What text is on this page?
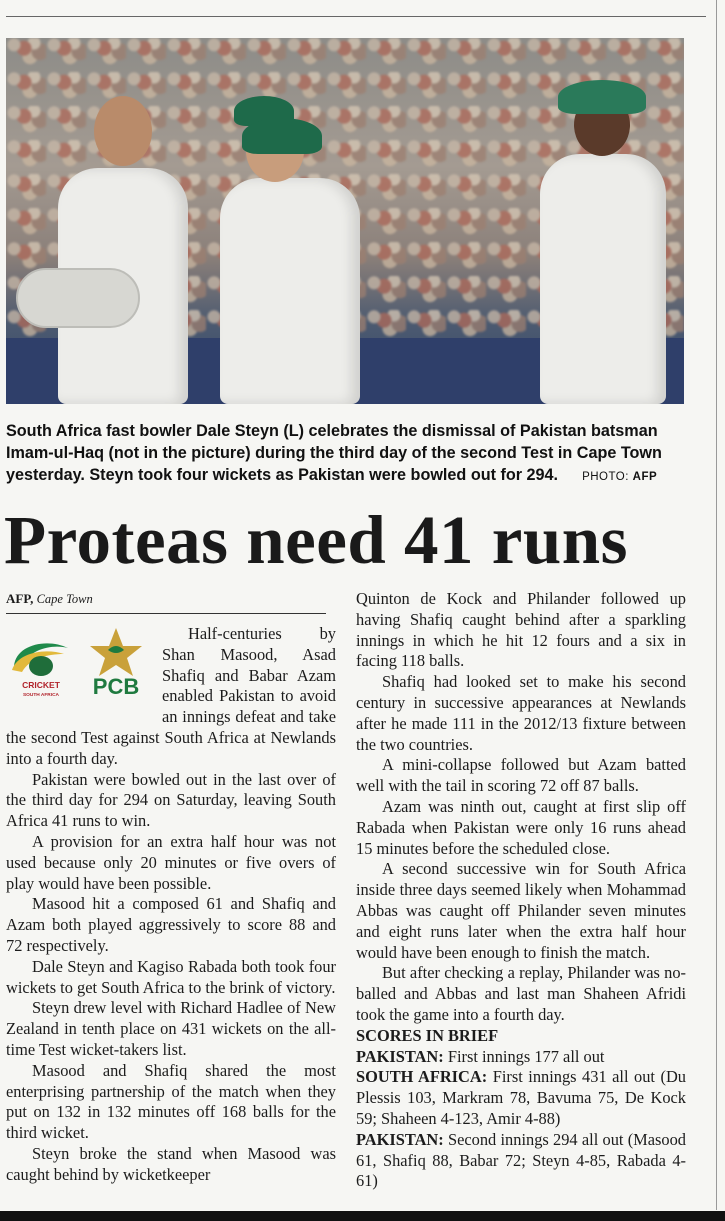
South Africa fast bowler Dale Steyn (L) celebrates the dismissal of Pakistan batsman Imam-ul-Haq (not in the picture) during the third day of the second Test in Cape Town yesterday. Steyn took four wickets as Pakistan were bowled out for 294. PHOTO: AFP

Proteas need 41 runs
AFP, Cape Town
CRICKET
SOUTH AFRICA PCB

Half-centuries by Shan Masood, Asad Shafiq and Babar Azam enabled Pakistan to avoid an innings defeat and take the second Test against South Africa at Newlands into a fourth day.

Pakistan were bowled out in the last over of the third day for 294 on Saturday, leaving South Africa 41 runs to win.

A provision for an extra half hour was not used because only 20 minutes or five overs of play would have been possible.

Masood hit a composed 61 and Shafiq and Azam both played aggressively to score 88 and 72 respectively.

Dale Steyn and Kagiso Rabada both took four wickets to get South Africa to the brink of victory.

Steyn drew level with Richard Hadlee of New Zealand in tenth place on 431 wickets on the all-time Test wicket-takers list.

Masood and Shafiq shared the most enterprising partnership of the match when they put on 132 in 132 minutes off 168 balls for the third wicket.

Steyn broke the stand when Masood was caught behind by wicketkeeper

Quinton de Kock and Philander followed up having Shafiq caught behind after a sparkling innings in which he hit 12 fours and a six in facing 118 balls.

Shafiq had looked set to make his second century in successive appearances at Newlands after he made 111 in the 2012/13 fixture between the two countries.

A mini-collapse followed but Azam batted well with the tail in scoring 72 off 87 balls.

Azam was ninth out, caught at first slip off Rabada when Pakistan were only 16 runs ahead 15 minutes before the scheduled close.

A second successive win for South Africa inside three days seemed likely when Mohammad Abbas was caught off Philander seven minutes and eight runs later when the extra half hour would have been enough to finish the match.

But after checking a replay, Philander was no-balled and Abbas and last man Shaheen Afridi took the game into a fourth day.

SCORES IN BRIEF

PAKISTAN: First innings 177 all out

SOUTH AFRICA: First innings 431 all out (Du Plessis 103, Markram 78, Bavuma 75, De Kock 59; Shaheen 4-123, Amir 4-88)

PAKISTAN: Second innings 294 all out (Masood 61, Shafiq 88, Babar 72; Steyn 4-85, Rabada 4-61)
